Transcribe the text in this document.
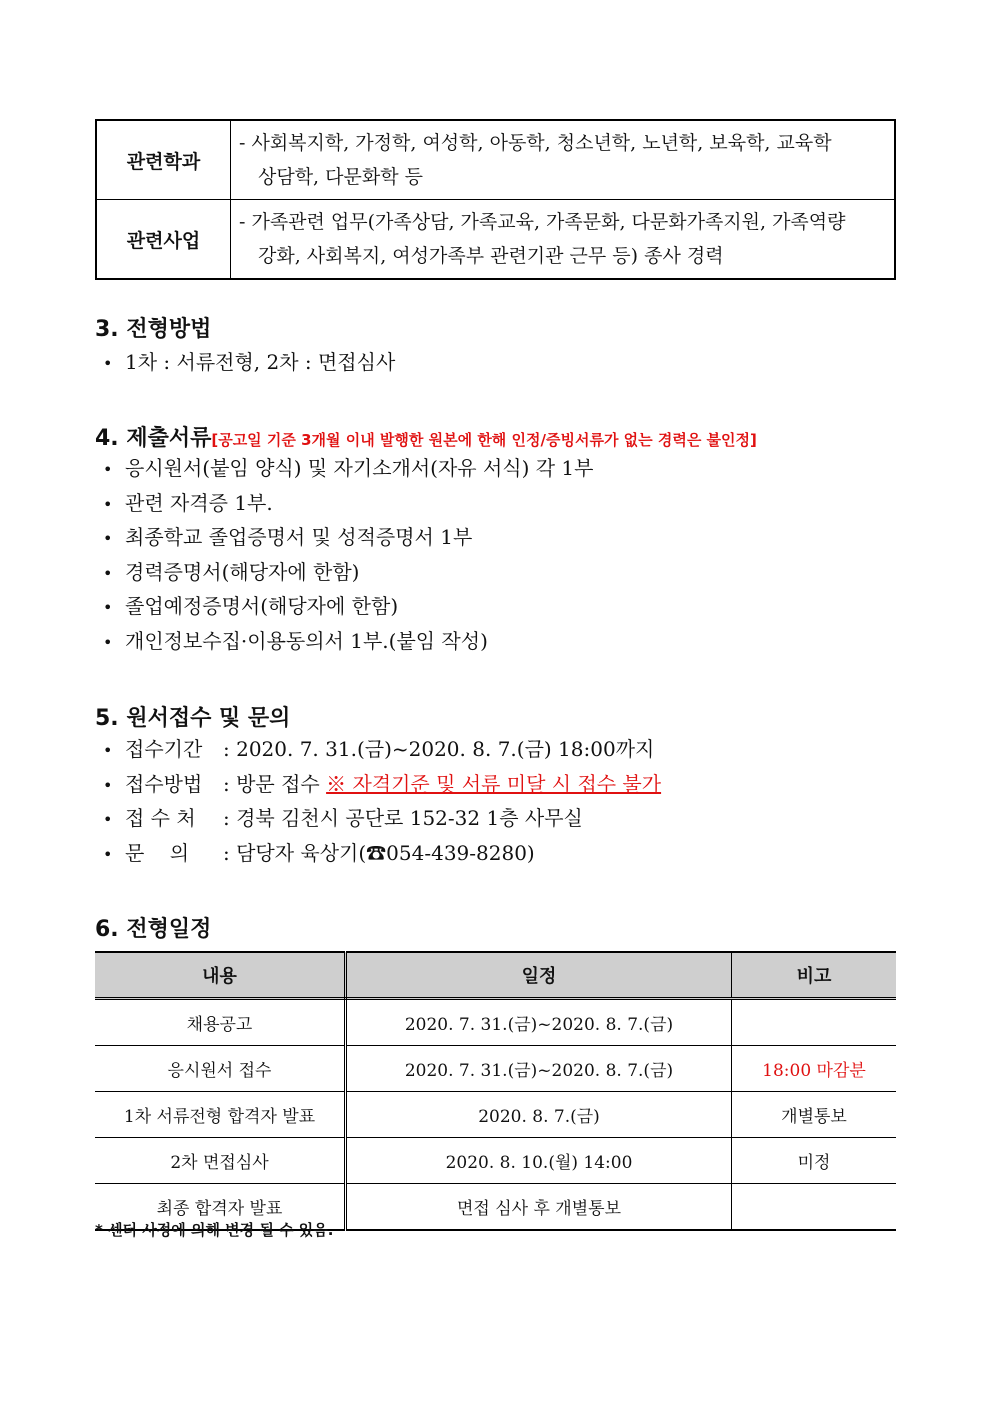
관련학과	- 사회복지학, 가정학, 여성학, 아동학, 청소년학, 노년학, 보육학, 교육학
상담학, 다문화학 등

관련사업	- 가족관련 업무(가족상담, 가족교육, 가족문화, 다문화가족지원, 가족역량
강화, 사회복지, 여성가족부 관련기관 근무 등) 종사 경력
3. 전형방법
• 1차 : 서류전형, 2차 : 면접심사
4. 제출서류[공고일 기준 3개월 이내 발행한 원본에 한해 인정/증빙서류가 없는 경력은 불인정]
• 응시원서(붙임 양식) 및 자기소개서(자유 서식) 각 1부
• 관련 자격증 1부.
• 최종학교 졸업증명서 및 성적증명서 1부
• 경력증명서(해당자에 한함)
• 졸업예정증명서(해당자에 한함)
• 개인정보수집·이용동의서 1부.(붙임 작성)
5. 원서접수 및 문의
• 접수기간 : 2020. 7. 31.(금)~2020. 8. 7.(금) 18:00까지
• 접수방법 : 방문 접수 ※ 자격기준 및 서류 미달 시 접수 불가
• 접 수 처 : 경북 김천시 공단로 152-32 1층 사무실
• 문    의 : 담당자 육상기(☎054-439-8280)
6. 전형일정
내용	일정	비고
채용공고	2020. 7. 31.(금)~2020. 8. 7.(금)	
응시원서 접수	2020. 7. 31.(금)~2020. 8. 7.(금)	18:00 마감분
1차 서류전형 합격자 발표	2020. 8. 7.(금)	개별통보
2차 면접심사	2020. 8. 10.(월) 14:00	미정
최종 합격자 발표	면접 심사 후 개별통보	
* 센터 사정에 의해 변경 될 수 있음.
